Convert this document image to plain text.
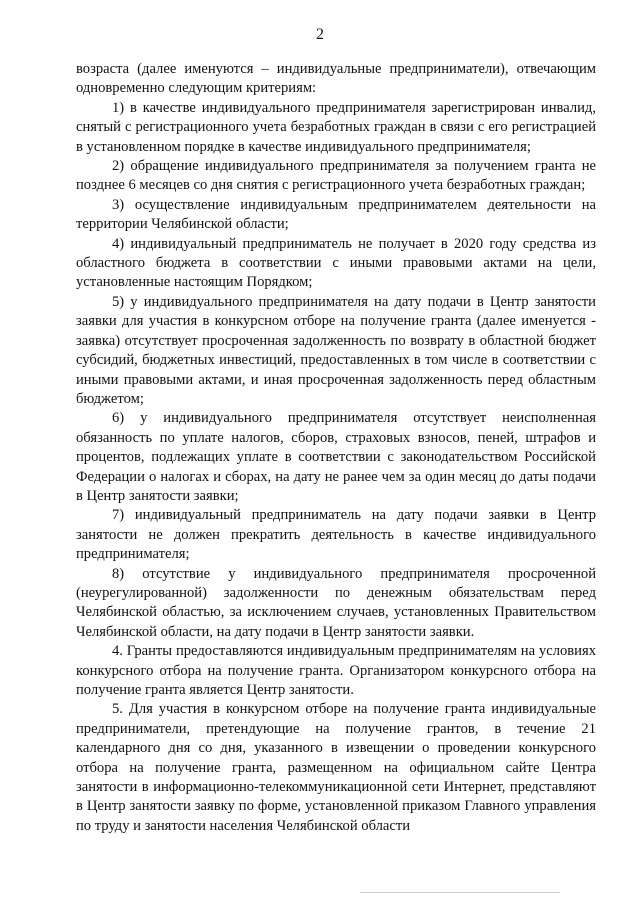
2

возраста (далее именуются – индивидуальные предприниматели), отвечающим одновременно следующим критериям:

1) в качестве индивидуального предпринимателя зарегистрирован инвалид, снятый с регистрационного учета безработных граждан в связи с его регистрацией в установленном порядке в качестве индивидуального предпринимателя;

2) обращение индивидуального предпринимателя за получением гранта не позднее 6 месяцев со дня снятия с регистрационного учета безработных граждан;

3) осуществление индивидуальным предпринимателем деятельности на территории Челябинской области;

4) индивидуальный предприниматель не получает в 2020 году средства из областного бюджета в соответствии с иными правовыми актами на цели, установленные настоящим Порядком;

5) у индивидуального предпринимателя на дату подачи в Центр занятости заявки для участия в конкурсном отборе на получение гранта (далее именуется - заявка) отсутствует просроченная задолженность по возврату в областной бюджет субсидий, бюджетных инвестиций, предоставленных в том числе в соответствии с иными правовыми актами, и иная просроченная задолженность перед областным бюджетом;

6) у индивидуального предпринимателя отсутствует неисполненная обязанность по уплате налогов, сборов, страховых взносов, пеней, штрафов и процентов, подлежащих уплате в соответствии с законодательством Российской Федерации о налогах и сборах, на дату не ранее чем за один месяц до даты подачи в Центр занятости заявки;

7) индивидуальный предприниматель на дату подачи заявки в Центр занятости не должен прекратить деятельность в качестве индивидуального предпринимателя;

8) отсутствие у индивидуального предпринимателя просроченной (неурегулированной) задолженности по денежным обязательствам перед Челябинской областью, за исключением случаев, установленных Правительством Челябинской области, на дату подачи в Центр занятости заявки.

4. Гранты предоставляются индивидуальным предпринимателям на условиях конкурсного отбора на получение гранта. Организатором конкурсного отбора на получение гранта является Центр занятости.

5. Для участия в конкурсном отборе на получение гранта индивидуальные предприниматели, претендующие на получение грантов, в течение 21 календарного дня со дня, указанного в извещении о проведении конкурсного отбора на получение гранта, размещенном на официальном сайте Центра занятости в информационно-телекоммуникационной сети Интернет, представляют в Центр занятости заявку по форме, установленной приказом Главного управления по труду и занятости населения Челябинской области
